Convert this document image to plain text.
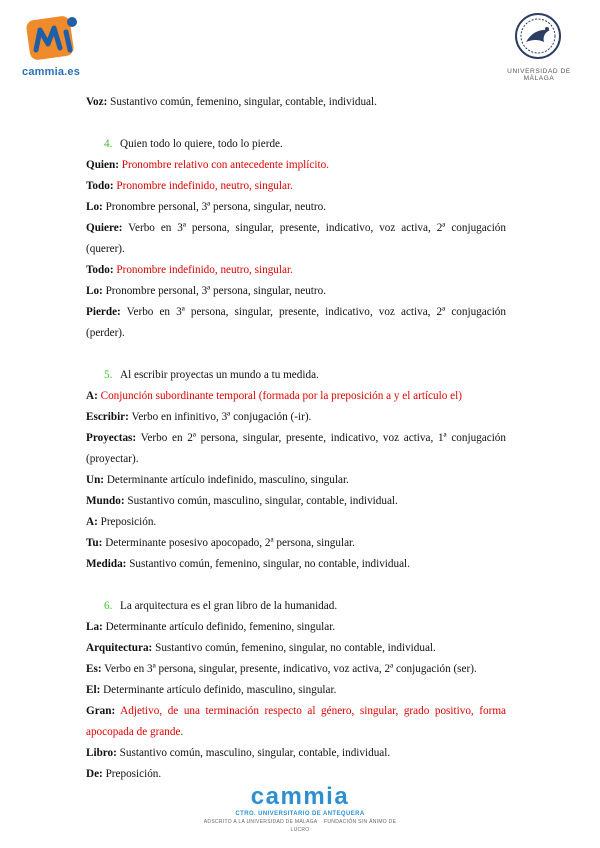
cammia.es	UNIVERSIDAD DE MÁLAGA

Voz: Sustantivo común, femenino, singular, contable, individual.

4. Quien todo lo quiere, todo lo pierde.

Quien: Pronombre relativo con antecedente implícito.

Todo: Pronombre indefinido, neutro, singular.

Lo: Pronombre personal, 3ª persona, singular, neutro.

Quiere: Verbo en 3ª persona, singular, presente, indicativo, voz activa, 2ª conjugación (querer).

Todo: Pronombre indefinido, neutro, singular.

Lo: Pronombre personal, 3ª persona, singular, neutro.

Pierde: Verbo en 3ª persona, singular, presente, indicativo, voz activa, 2ª conjugación (perder).

5. Al escribir proyectas un mundo a tu medida.

A: Conjunción subordinante temporal (formada por la preposición a y el artículo el)

Escribir: Verbo en infinitivo, 3ª conjugación (-ir).

Proyectas: Verbo en 2ª persona, singular, presente, indicativo, voz activa, 1ª conjugación (proyectar).

Un: Determinante artículo indefinido, masculino, singular.

Mundo: Sustantivo común, masculino, singular, contable, individual.

A: Preposición.

Tu: Determinante posesivo apocopado, 2ª persona, singular.

Medida: Sustantivo común, femenino, singular, no contable, individual.

6. La arquitectura es el gran libro de la humanidad.

La: Determinante artículo definido, femenino, singular.

Arquitectura: Sustantivo común, femenino, singular, no contable, individual.

Es: Verbo en 3ª persona, singular, presente, indicativo, voz activa, 2ª conjugación (ser).

El: Determinante artículo definido, masculino, singular.

Gran: Adjetivo, de una terminación respecto al género, singular, grado positivo, forma apocopada de grande.

Libro: Sustantivo común, masculino, singular, contable, individual.

De: Preposición.

cammia
CTRO. UNIVERSITARIO DE ANTEQUERA
ADSCRITO A LA UNIVERSIDAD DE MÁLAGA FUNDACIÓN SIN ÁNIMO DE LUCRO
